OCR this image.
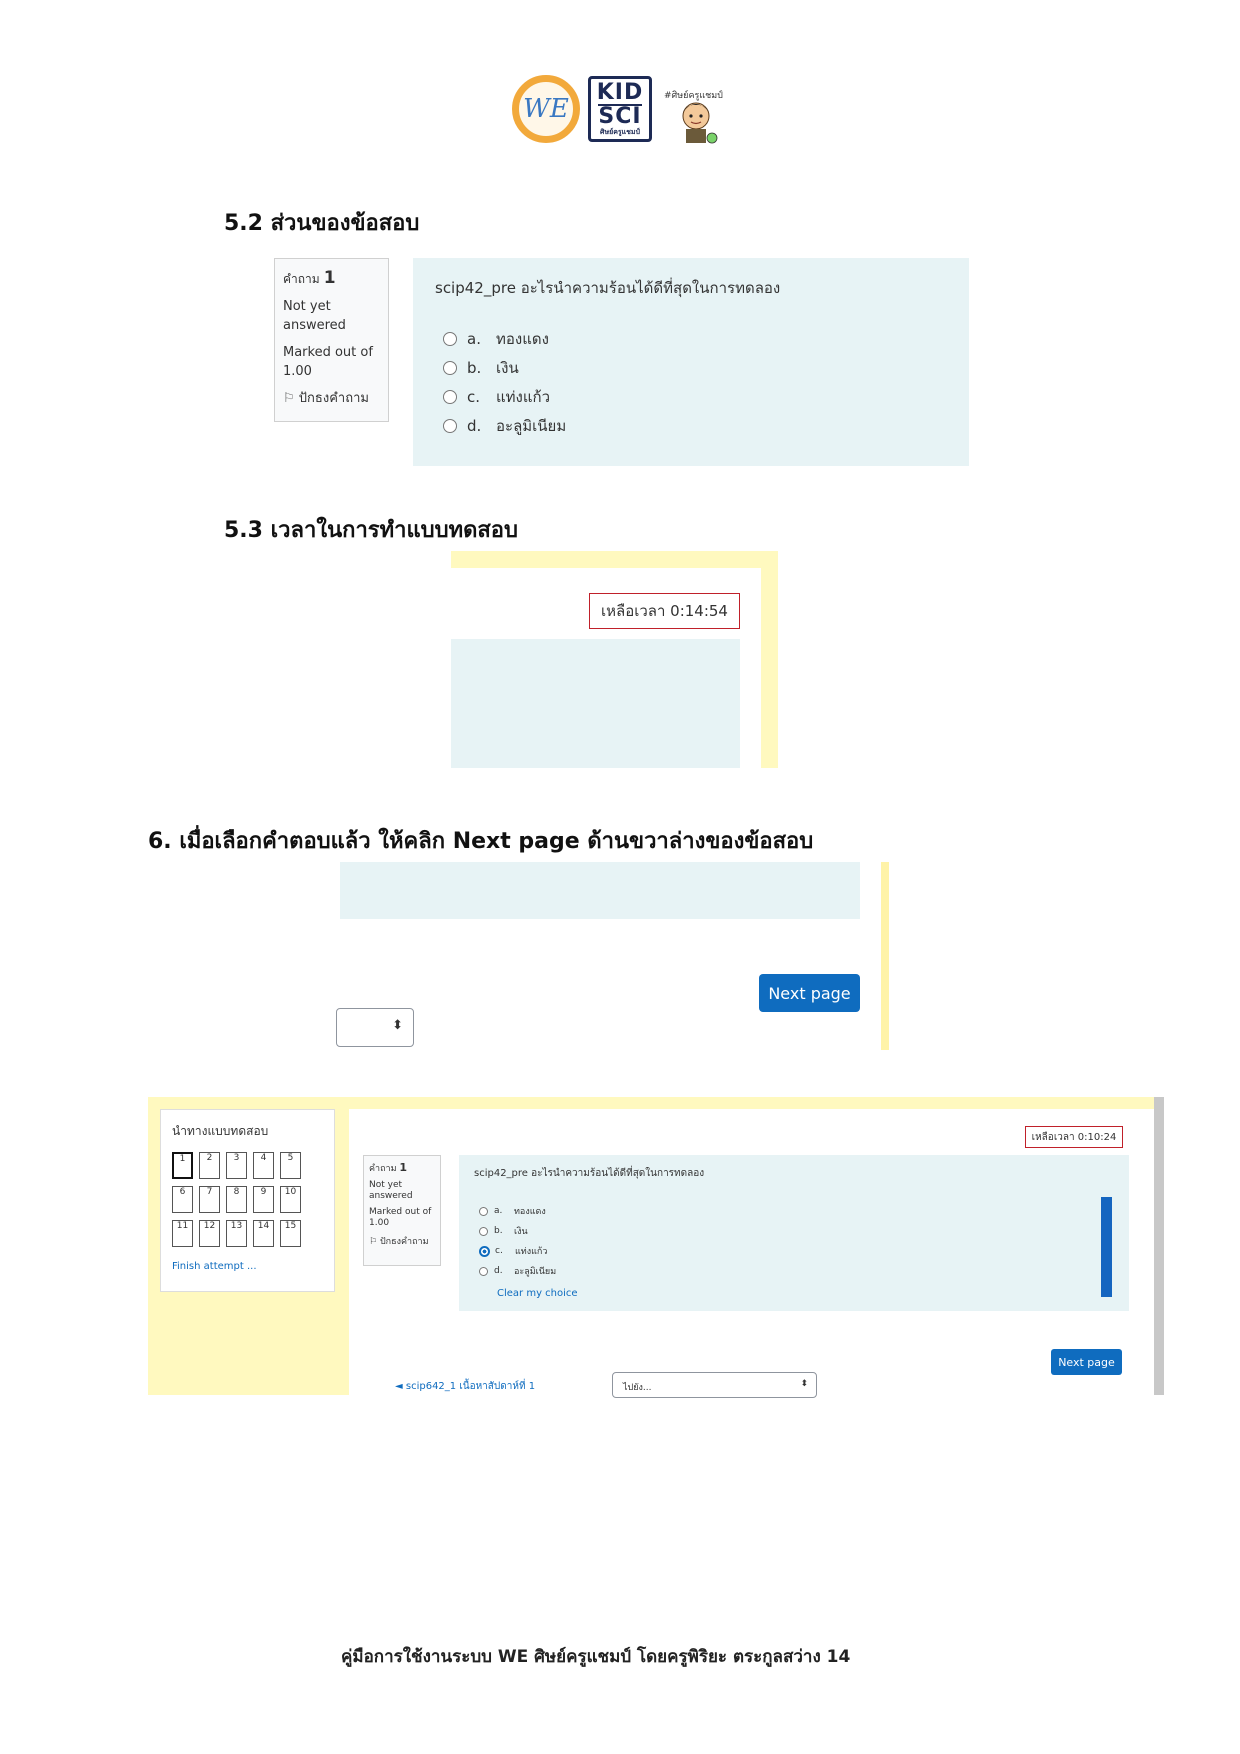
WE
KID
SCI
ศิษย์ครูแชมป์
#ศิษย์ครูแชมป์
5.2 ส่วนของข้อสอบ
คำถาม 1

Not yet answered

Marked out of 1.00

⚐ ปักธงคำถาม

scip42_pre อะไรนำความร้อนได้ดีที่สุดในการทดลอง
a.	ทองแดง
b. เงิน
c.	แท่งแก้ว
d. อะลูมิเนียม
5.3 เวลาในการทำแบบทดสอบ
เหลือเวลา 0:14:54
6. เมื่อเลือกคำตอบแล้ว ให้คลิก Next page ด้านขวาล่างของข้อสอบ
Next page
⬍
นำทางแบบทดสอบ
1	2	3	4	5
6	7	8	9	10
11	12	13	14	15
Finish attempt ...
เหลือเวลา 0:10:24
คำถาม 1
Not yet answered
Marked out of 1.00
⚐ ปักธงคำถาม
scip42_pre อะไรนำความร้อนได้ดีที่สุดในการทดลอง
a.	ทองแดง
b.	เงิน
c.	แท่งแก้ว
d.	อะลูมิเนียม
Clear my choice
Next page
◄ scip642_1 เนื้อหาสัปดาห์ที่ 1	ไปยัง...	⬍
คู่มือการใช้งานระบบ WE ศิษย์ครูแชมป์ โดยครูพิริยะ ตระกูลสว่าง 14
